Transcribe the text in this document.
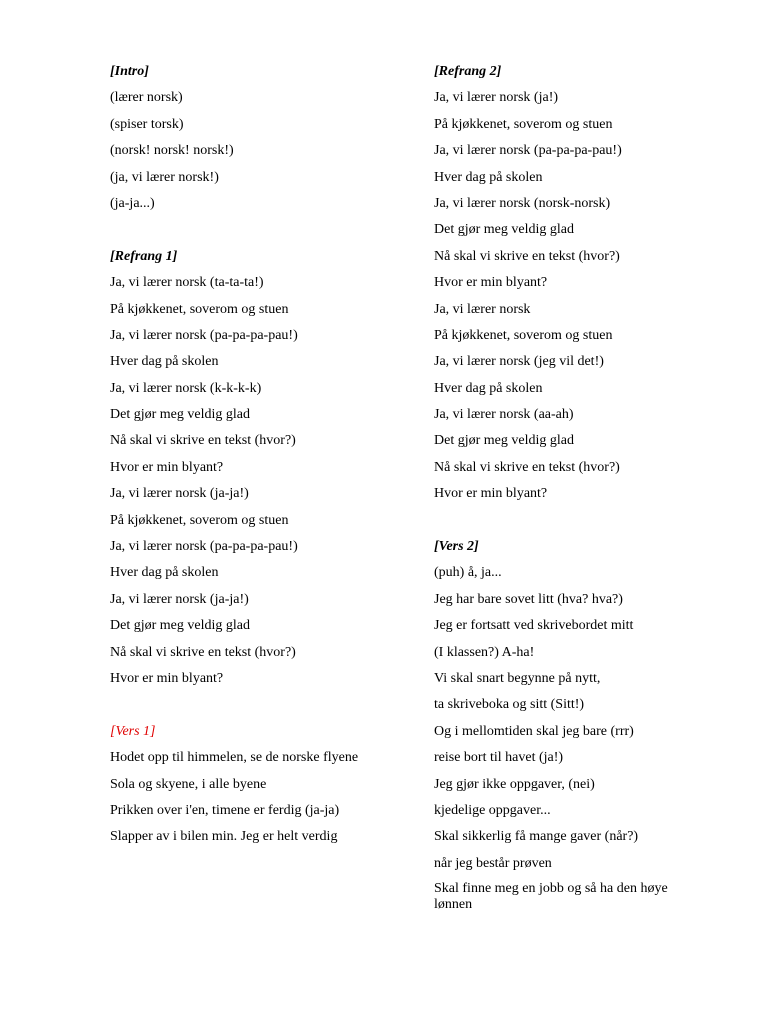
[Intro]
(lærer norsk)
(spiser torsk)
(norsk! norsk! norsk!)
(ja, vi lærer norsk!)
(ja-ja...)
[Refrang 1]
Ja, vi lærer norsk (ta-ta-ta!)
På kjøkkenet, soverom og stuen
Ja, vi lærer norsk (pa-pa-pa-pau!)
Hver dag på skolen
Ja, vi lærer norsk (k-k-k-k)
Det gjør meg veldig glad
Nå skal vi skrive en tekst (hvor?)
Hvor er min blyant?
Ja, vi lærer norsk (ja-ja!)
På kjøkkenet, soverom og stuen
Ja, vi lærer norsk (pa-pa-pa-pau!)
Hver dag på skolen
Ja, vi lærer norsk (ja-ja!)
Det gjør meg veldig glad
Nå skal vi skrive en tekst (hvor?)
Hvor er min blyant?
[Vers 1]
Hodet opp til himmelen, se de norske flyene
Sola og skyene, i alle byene
Prikken over i'en, timene er ferdig (ja-ja)
Slapper av i bilen min. Jeg er helt verdig
[Refrang 2]
Ja, vi lærer norsk (ja!)
På kjøkkenet, soverom og stuen
Ja, vi lærer norsk (pa-pa-pa-pau!)
Hver dag på skolen
Ja, vi lærer norsk (norsk-norsk)
Det gjør meg veldig glad
Nå skal vi skrive en tekst (hvor?)
Hvor er min blyant?
Ja, vi lærer norsk
På kjøkkenet, soverom og stuen
Ja, vi lærer norsk (jeg vil det!)
Hver dag på skolen
Ja, vi lærer norsk (aa-ah)
Det gjør meg veldig glad
Nå skal vi skrive en tekst (hvor?)
Hvor er min blyant?
[Vers 2]
(puh) å, ja...
Jeg har bare sovet litt (hva? hva?)
Jeg er fortsatt ved skrivebordet mitt
(I klassen?) A-ha!
Vi skal snart begynne på nytt,
ta skriveboka og sitt (Sitt!)
Og i mellomtiden skal jeg bare (rrr)
reise bort til havet (ja!)
Jeg gjør ikke oppgaver, (nei)
kjedelige oppgaver...
Skal sikkerlig få mange gaver (når?)
når jeg består prøven
Skal finne meg en jobb og så ha den høye lønnen
